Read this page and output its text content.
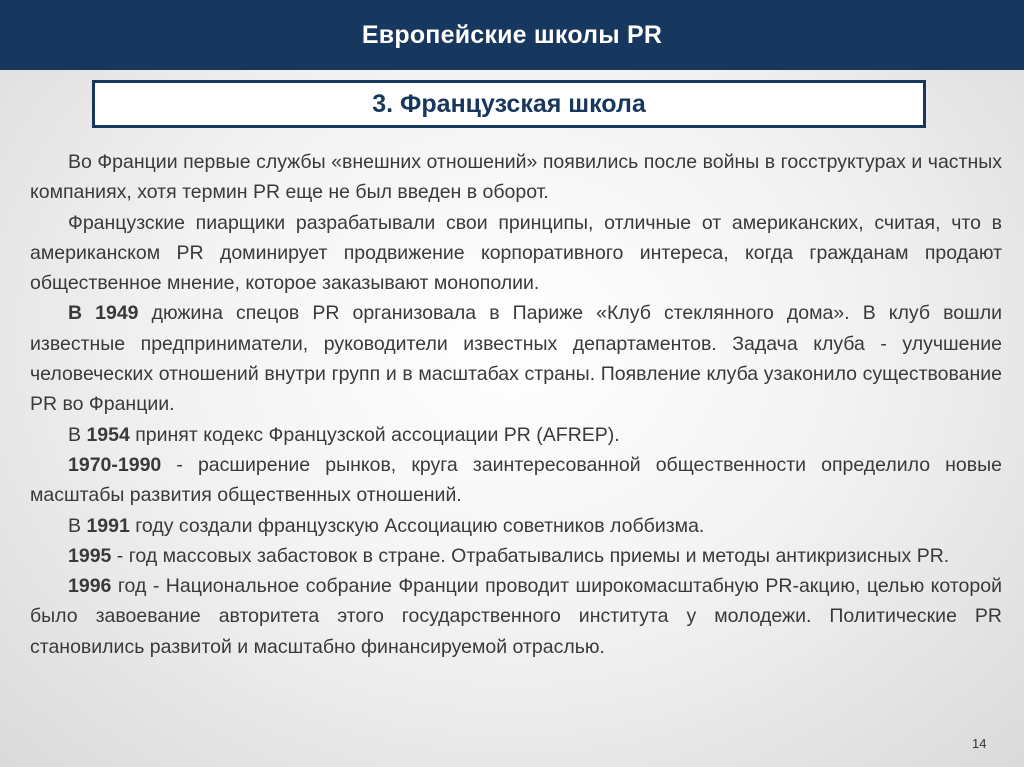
Европейские школы PR
3. Французская школа

Во Франции первые службы «внешних отношений» появились после войны в госструктурах и частных компаниях, хотя термин PR еще не был введен в оборот.

Французские пиарщики разрабатывали свои принципы, отличные от американских, считая, что в американском PR доминирует продвижение корпоративного интереса, когда гражданам продают общественное мнение, которое заказывают монополии.

В 1949 дюжина спецов PR организовала в Париже «Клуб стеклянного дома». В клуб вошли известные предприниматели, руководители известных департаментов. Задача клуба - улучшение человеческих отношений внутри групп и в масштабах страны. Появление клуба узаконило существование PR во Франции.

В 1954 принят кодекс Французской ассоциации PR (AFREP).

1970-1990 - расширение рынков, круга заинтересованной общественности определило новые масштабы развития общественных отношений.

В 1991 году создали французскую Ассоциацию советников лоббизма.

1995 - год массовых забастовок в стране. Отрабатывались приемы и методы антикризисных PR.

1996 год - Национальное собрание Франции проводит широкомасштабную PR-акцию, целью которой было завоевание авторитета этого государственного института у молодежи. Политические PR становились развитой и масштабно финансируемой отраслью.

14
